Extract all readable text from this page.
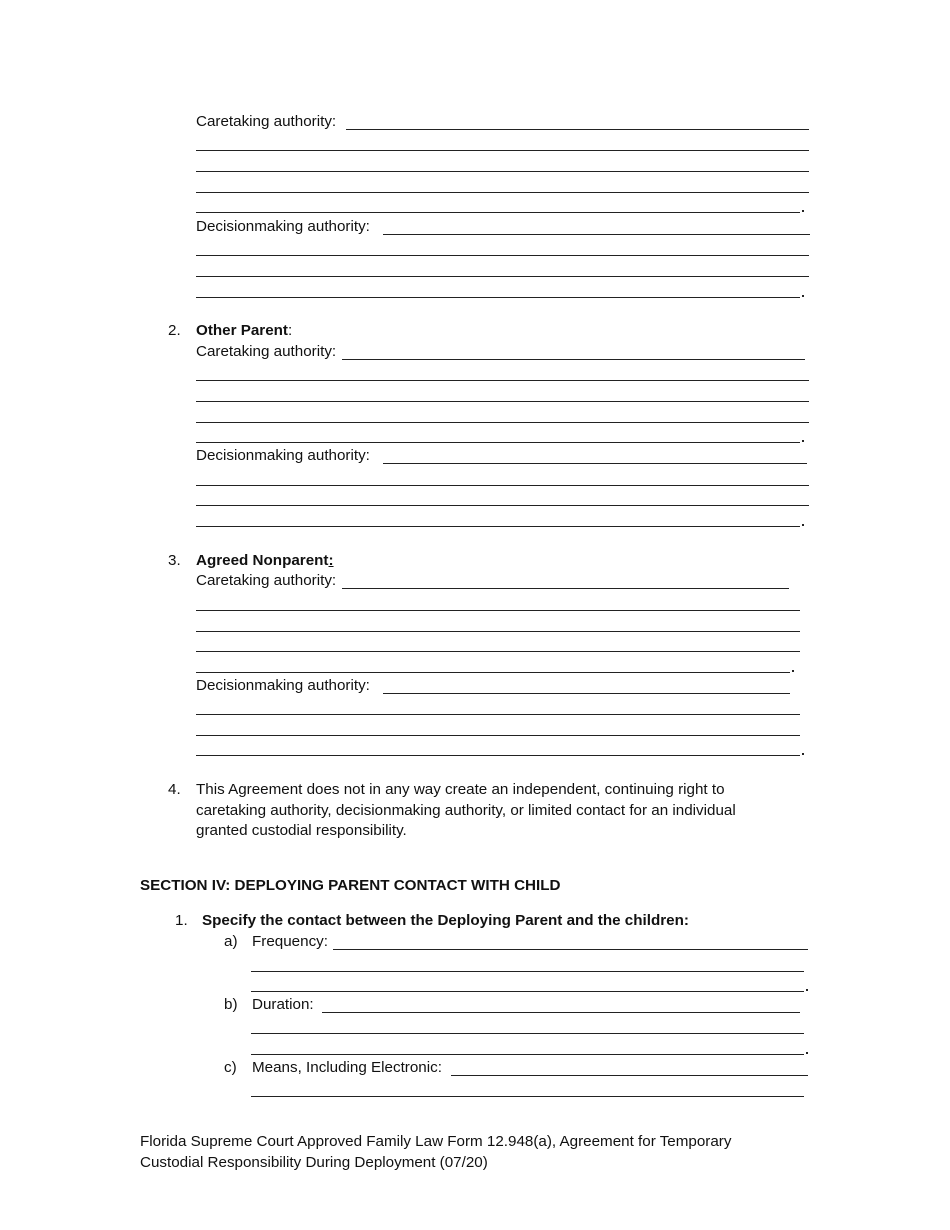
Caretaking authority:
Decisionmaking authority:
2. Other Parent:
Caretaking authority:
Decisionmaking authority:
3. Agreed Nonparent:
Caretaking authority:
Decisionmaking authority:
4. This Agreement does not in any way create an independent, continuing right to
caretaking authority, decisionmaking authority, or limited contact for an individual
granted custodial responsibility.
SECTION IV: DEPLOYING PARENT CONTACT WITH CHILD
1. Specify the contact between the Deploying Parent and the children:
a) Frequency:
b) Duration:
c) Means, Including Electronic:
Florida Supreme Court Approved Family Law Form 12.948(a), Agreement for Temporary
Custodial Responsibility During Deployment (07/20)
